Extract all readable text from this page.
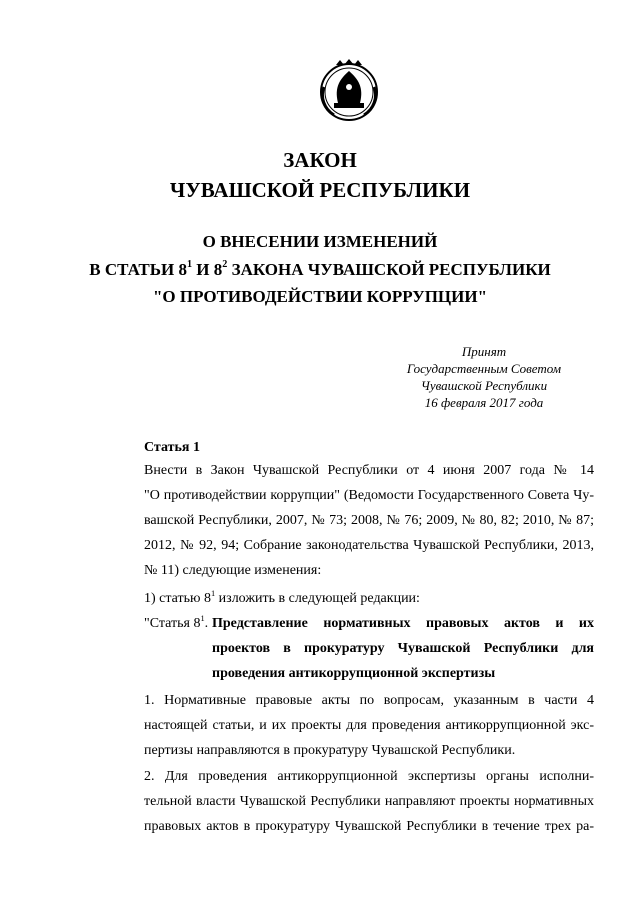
ЗАКОН
ЧУВАШСКОЙ РЕСПУБЛИКИ
О ВНЕСЕНИИ ИЗМЕНЕНИЙ
В СТАТЬИ $8^1$ И $8^2$ ЗАКОНА ЧУВАШСКОЙ РЕСПУБЛИКИ
"О ПРОТИВОДЕЙСТВИИ КОРРУПЦИИ"
Принят
Государственным Советом
Чувашской Республики
16 февраля 2017 года
Статья 1
Внести в Закон Чувашской Республики от 4 июня 2007 года № 14
"О противодействии коррупции" (Ведомости Государственного Совета Чу-
вашской Республики, 2007, № 73; 2008, № 76; 2009, № 80, 82; 2010, № 87;
2012, № 92, 94; Собрание законодательства Чувашской Республики, 2013,
№ 11) следующие изменения:
1) статью $8^1$ изложить в следующей редакции:
"Статья $8^1$. Представление нормативных правовых актов и их
проектов в прокуратуру Чувашской Республики для
проведения антикоррупционной экспертизы
1. Нормативные правовые акты по вопросам, указанным в части 4
настоящей статьи, и их проекты для проведения антикоррупционной экс-
пертизы направляются в прокуратуру Чувашской Республики.
2. Для проведения антикоррупционной экспертизы органы исполни-
тельной власти Чувашской Республики направляют проекты нормативных
правовых актов в прокуратуру Чувашской Республики в течение трех ра-
